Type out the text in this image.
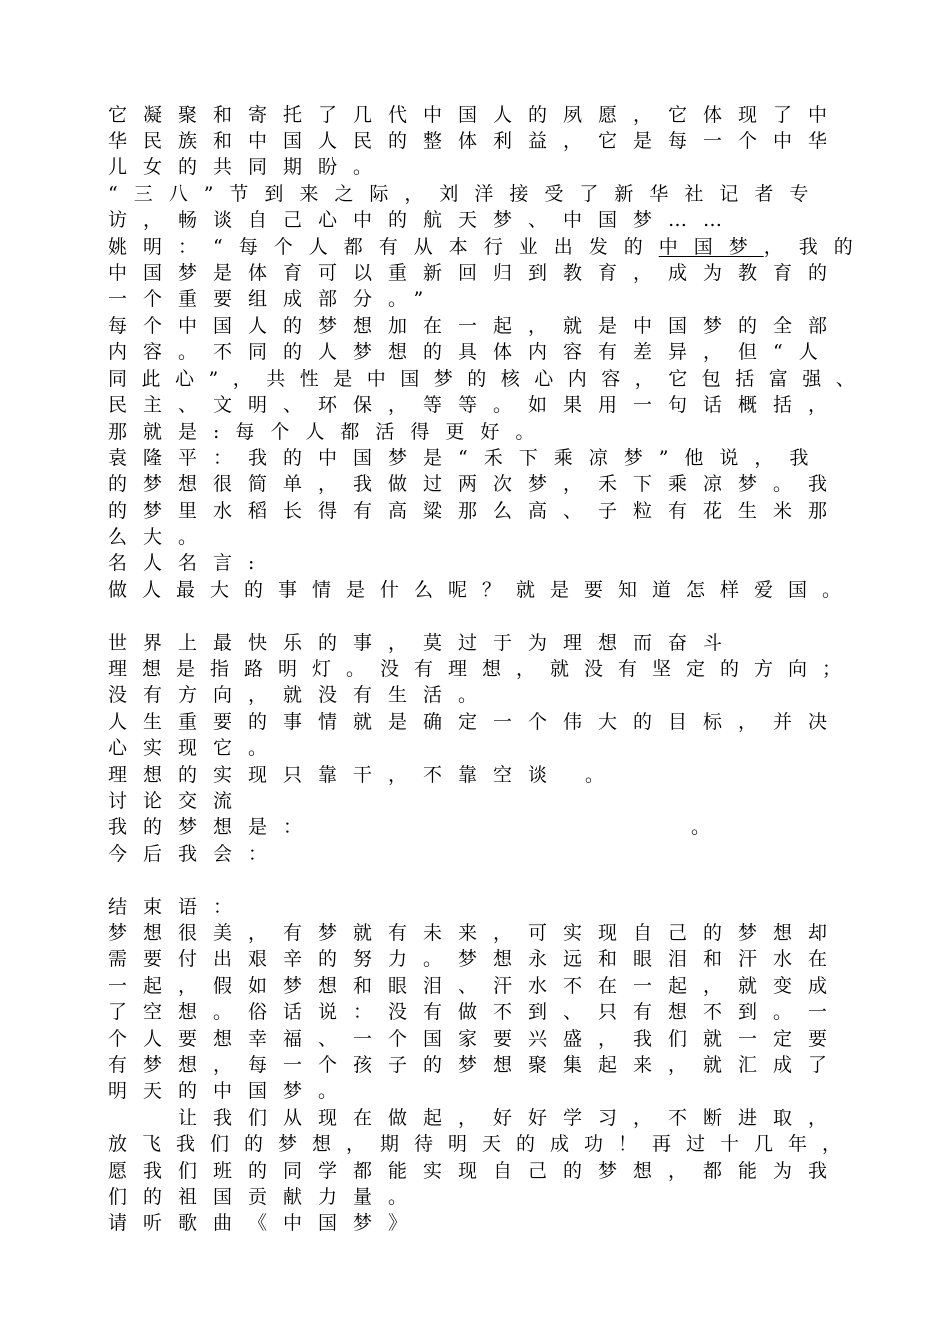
它凝聚和寄托了几代中国人的夙愿，它体现了中
华民族和中国人民的整体利益，它是每一个中华
儿女的共同期盼。
“三八”节到来之际，刘洋接受了新华社记者专
访，畅谈自己心中的航天梦、中国梦……
姚明：“每个人都有从本行业出发的中国梦，我的
中国梦是体育可以重新回归到教育，成为教育的
一个重要组成部分。”
每个中国人的梦想加在一起，就是中国梦的全部
内容。不同的人梦想的具体内容有差异，但“人
同此心”，共性是中国梦的核心内容，它包括富强、
民主、文明、环保，等等。如果用一句话概括，
那就是:每个人都活得更好。
袁隆平：我的中国梦是“禾下乘凉梦”他说，我
的梦想很简单，我做过两次梦，禾下乘凉梦。我
的梦里水稻长得有高粱那么高、子粒有花生米那
么大。
名人名言:
做人最大的事情是什么呢？就是要知道怎样爱国。
世界上最快乐的事，莫过于为理想而奋斗
理想是指路明灯。没有理想，就没有坚定的方向；
没有方向，就没有生活。
人生重要的事情就是确定一个伟大的目标，并决
心实现它。
理想的实现只靠干，不靠空谈 。
讨论交流
我的梦想是：	。
今后我会：
结束语：
梦想很美，有梦就有未来，可实现自己的梦想却
需要付出艰辛的努力。梦想永远和眼泪和汗水在
一起，假如梦想和眼泪、汗水不在一起，就变成
了空想。俗话说：没有做不到、只有想不到。一
个人要想幸福、一个国家要兴盛，我们就一定要
有梦想，每一个孩子的梦想聚集起来，就汇成了
明天的中国梦。
让我们从现在做起，好好学习，不断进取，
放飞我们的梦想，期待明天的成功！再过十几年，
愿我们班的同学都能实现自己的梦想，都能为我
们的祖国贡献力量。
请听歌曲《中国梦》
